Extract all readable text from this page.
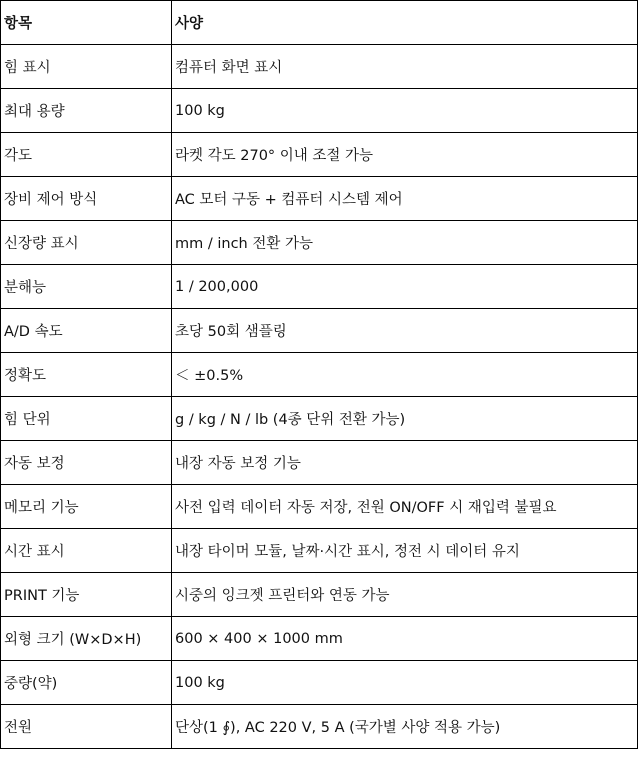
항목	사양
힘 표시	컴퓨터 화면 표시
최대 용량	100 kg
각도	라켓 각도 270° 이내 조절 가능
장비 제어 방식	AC 모터 구동 + 컴퓨터 시스템 제어
신장량 표시	mm / inch 전환 가능
분해능	1 / 200,000
A/D 속도	초당 50회 샘플링
정확도	＜ ±0.5%
힘 단위	g / kg / N / lb (4종 단위 전환 가능)
자동 보정	내장 자동 보정 기능
메모리 기능	사전 입력 데이터 자동 저장, 전원 ON/OFF 시 재입력 불필요
시간 표시	내장 타이머 모듈, 날짜·시간 표시, 정전 시 데이터 유지
PRINT 기능	시중의 잉크젯 프린터와 연동 가능
외형 크기 (W×D×H)	600 × 400 × 1000 mm
중량(약)	100 kg
전원	단상(1 ∮), AC 220 V, 5 A (국가별 사양 적용 가능)
